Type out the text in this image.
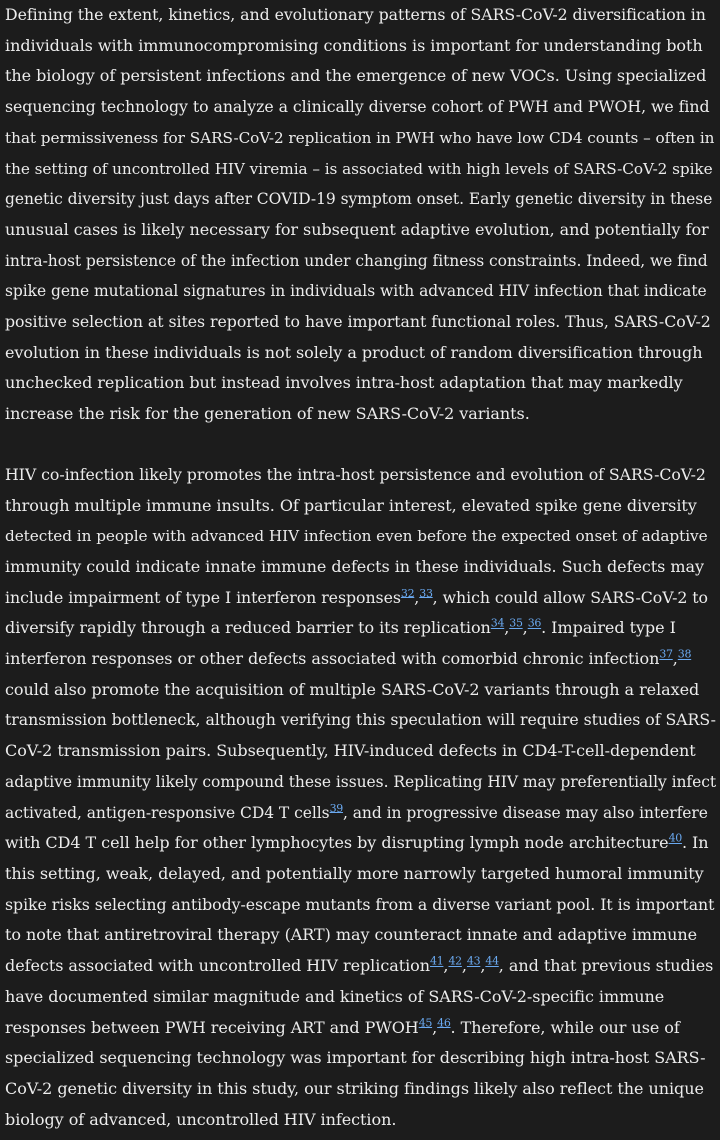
Defining the extent, kinetics, and evolutionary patterns of SARS-CoV-2 diversification in
individuals with immunocompromising conditions is important for understanding both
the biology of persistent infections and the emergence of new VOCs. Using specialized
sequencing technology to analyze a clinically diverse cohort of PWH and PWOH, we find
that permissiveness for SARS-CoV-2 replication in PWH who have low CD4 counts – often in
the setting of uncontrolled HIV viremia – is associated with high levels of SARS-CoV-2 spike
genetic diversity just days after COVID-19 symptom onset. Early genetic diversity in these
unusual cases is likely necessary for subsequent adaptive evolution, and potentially for
intra-host persistence of the infection under changing fitness constraints. Indeed, we find
spike gene mutational signatures in individuals with advanced HIV infection that indicate
positive selection at sites reported to have important functional roles. Thus, SARS-CoV-2
evolution in these individuals is not solely a product of random diversification through
unchecked replication but instead involves intra-host adaptation that may markedly
increase the risk for the generation of new SARS-CoV-2 variants.

HIV co-infection likely promotes the intra-host persistence and evolution of SARS-CoV-2
through multiple immune insults. Of particular interest, elevated spike gene diversity
detected in people with advanced HIV infection even before the expected onset of adaptive
immunity could indicate innate immune defects in these individuals. Such defects may
include impairment of type I interferon responses$^{32}$,$^{33}$, which could allow SARS-CoV-2 to
diversify rapidly through a reduced barrier to its replication$^{34}$,$^{35}$,$^{36}$. Impaired type I
interferon responses or other defects associated with comorbid chronic infection$^{37}$,$^{38}$
could also promote the acquisition of multiple SARS-CoV-2 variants through a relaxed
transmission bottleneck, although verifying this speculation will require studies of SARS-
CoV-2 transmission pairs. Subsequently, HIV-induced defects in CD4-T-cell-dependent
adaptive immunity likely compound these issues. Replicating HIV may preferentially infect
activated, antigen-responsive CD4 T cells$^{39}$, and in progressive disease may also interfere
with CD4 T cell help for other lymphocytes by disrupting lymph node architecture$^{40}$. In
this setting, weak, delayed, and potentially more narrowly targeted humoral immunity
spike risks selecting antibody-escape mutants from a diverse variant pool. It is important
to note that antiretroviral therapy (ART) may counteract innate and adaptive immune
defects associated with uncontrolled HIV replication$^{41}$,$^{42}$,$^{43}$,$^{44}$, and that previous studies
have documented similar magnitude and kinetics of SARS-CoV-2-specific immune
responses between PWH receiving ART and PWOH$^{45}$,$^{46}$. Therefore, while our use of
specialized sequencing technology was important for describing high intra-host SARS-
CoV-2 genetic diversity in this study, our striking findings likely also reflect the unique
biology of advanced, uncontrolled HIV infection.
